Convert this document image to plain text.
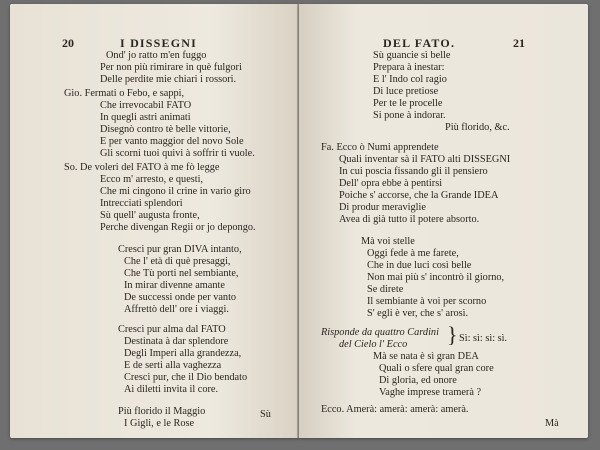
20	I DISSEGNI
Ond' jo ratto m'en fuggo
Per non più rimirare in què fulgori
Delle perdite mie chiari i rossori.
Gio. Fermati o Febo, e sappi,
Che irrevocabil FATO
In quegli astri animati
Disegnò contro tè belle vittorie,
E per vanto maggior del novo Sole
Gli scorni tuoi quivi à soffrir ti vuole.
So. De voleri del FATO à me fò legge
Ecco m' arresto, e questi,
Che mi cingono il crine in vario giro
Intrecciati splendori
Sù quell' augusta fronte,
Perche divengan Regii or jo depongo.
Cresci pur gran DIVA intanto,
Che l' età di què presaggi,
Che Tù porti nel sembiante,
In mirar divenne amante
De successi onde per vanto
Affrettò dell' ore i viaggi.
Cresci pur alma dal FATO
Destinata à dar splendore
Degli Imperi alla grandezza,
E de serti alla vaghezza
Cresci pur, che il Dio bendato
Ai diletti invita il core.
Più florido il Maggio
I Gigli, e le Rose
Sù
DEL FATO.	21
Sù guancie sì belle
Prepara à inestar:
E l' Indo col ragio
Di luce pretiose
Per te le procelle
Si pone à indorar.
Più florido, &c.
Fa. Ecco ò Numi apprendete
Quali inventar sà il FATO alti DISSEGNI
In cui poscia fissando gli il pensiero
Dell' opra ebbe à pentirsi
Poiche s' accorse, che la Grande IDEA
Di produr meraviglie
Avea di già tutto il potere absorto.
Mà voi stelle
Oggi fede à me farete,
Che in due luci così belle
Non mai più s' incontrò il giorno,
Se direte
Il sembiante à voi per scorno
S' egli è ver, che s' arosì.
Risponde da quattro Cardini
del Cielo l' Ecco } Sì: sì: sì: sì.
Mà se nata è sì gran DEA
Quali o sfere qual gran core
Di gloria, ed onore
Vaghe imprese tramerà ?
Ecco. Amerà: amerà: amerà: amerà.
Mà
